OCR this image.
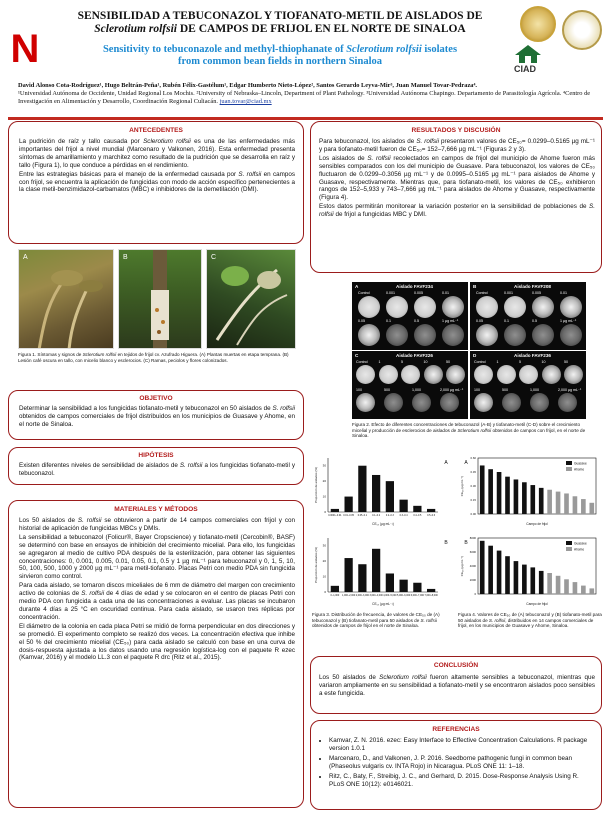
N
SENSIBILIDAD A TEBUCONAZOL Y TIOFANATO-METIL DE AISLADOS DE
Sclerotium rolfsii DE CAMPOS DE FRIJOL EN EL NORTE DE SINALOA
Sensitivity to tebuconazole and methyl-thiophanate of Sclerotium rolfsii isolates
from common bean fields in northern Sinaloa
CIAD
David Alonso Cota-Rodríguez¹, Hugo Beltrán-Peña¹, Rubén Félix-Gastélum¹, Edgar Humberto Nieto-López², Santos Gerardo Leyva-Mir³, Juan Manuel Tovar-Pedraza⁴.
¹Universidad Autónoma de Occidente, Unidad Regional Los Mochis. ²University of Nebraska–Lincoln, Department of Plant Pathology. ³Universidad Autónoma Chapingo. Departamento de Parasitología Agrícola. ⁴Centro de Investigación en Alimentación y Desarrollo, Coordinación Regional Culiacán. juan.tovar@ciad.mx
ANTECEDENTES

La pudrición de raíz y tallo causada por Sclerotium rolfsii es una de las enfermedades más importantes del frijol a nivel mundial (Marcenaro y Valkonen, 2016). Esta enfermedad presenta síntomas de amarillamiento y marchitez como resultado de la pudrición que se desarrolla en raíz y tallo (Figura 1), lo que conduce a pérdidas en el rendimiento.

Entre las estrategias básicas para el manejo de la enfermedad causada por S. rolfsii en campos con frijol, se encuentra la aplicación de fungicidas con modo de acción específico pertenecientes a la clase metil-benzimidazol-carbamatos (MBC) e inhibidores de la demetilación (DMI).

A	B	C
Figura 1. Síntomas y signos de Sclerotium rolfsii en tejidos de frijol cv. Azufrado Higuera. (A) Plantas muertas en etapa temprana. (B) Lesión café oscura en tallo, con micelio blanco y esclerocios. (C) Ramas, peciolos y flores colonizados.
OBJETIVO
Determinar la sensibilidad a los fungicidas tiofanato-metil y tebuconazol en 50 aislados de S. rolfsii obtenidos de campos comerciales de frijol distribuidos en los municipios de Guasave y Ahome, en el norte de Sinaloa.
HIPÓTESIS
Existen diferentes niveles de sensibilidad de aislados de S. rolfsii a los fungicidas tiofanato-metil y tebuconazol.
MATERIALES Y MÉTODOS

Los 50 aislados de S. rolfsii se obtuvieron a partir de 14 campos comerciales con frijol y con historial de aplicación de fungicidas MBCs y DMIs.

La sensibilidad a tebuconazol (Folicur®, Bayer Cropscience) y tiofanato-metil (Cercobin®, BASF) se determinó con base en ensayos de inhibición del crecimiento micelial. Para ello, los fungicidas se agregaron al medio de cultivo PDA después de la esterilización, para obtener las siguientes concentraciones: 0, 0.001, 0.005, 0.01, 0.05, 0.1, 0.5 y 1 µg mL⁻¹ para tebuconazol y 0, 1, 5, 10, 50, 100, 500, 1000 y 2000 µg mL⁻¹ para metil-tiofanato. Placas Petri con medio PDA sin fungicida sirvieron como control.

Para cada aislado, se tomaron discos miceliales de 6 mm de diámetro del margen con crecimiento activo de colonias de S. rolfsii de 4 días de edad y se colocaron en el centro de placas Petri con medio PDA con fungicida a cada una de las concentraciones a evaluar. Las placas se incubaron durante 4 días a 25 °C en oscuridad continua. Para cada aislado, se usaron tres réplicas por concentración.

El diámetro de la colonia en cada placa Petri se midió de forma perpendicular en dos direcciones y se promedió. El experimento completo se realizó dos veces. La concentración efectiva que inhibe el 50 % del crecimiento micelial (CE₅₀) para cada aislado se calculó con base en una curva de dosis-respuesta ajustada a los datos usando una regresión logística-log con el paquete R ezec (Kamvar, 2016) y el modelo LL.3 con el paquete R drc (Ritz et al., 2015).

RESULTADOS Y DISCUSIÓN

Para tebuconazol, los aislados de S. rolfsii presentaron valores de CE₅₀= 0.0299–0.5165 µg mL⁻¹ y para tiofanato-metil fueron de CE₅₀= 152–7,666 µg mL⁻¹ (Figuras 2 y 3).

Los aislados de S. rolfsii recolectados en campos de frijol del municipio de Ahome fueron más sensibles comparados con los del municipio de Guasave. Para tebuconazol, los valores de CE₅₀ fluctuaron de 0.0299–0.3056 µg mL⁻¹ y de 0.0995–0.5165 µg mL⁻¹ para aislados de Ahome y Guasave, respectivamente. Mientras que, para tiofanato-metil, los valores de CE₅₀ exhibieron rangos de 152–5,933 y 743–7,666 µg mL⁻¹ para aislados de Ahome y Guasave, respectivamente (Figura 4).

Estos datos permitirán monitorear la variación posterior en la sensibilidad de poblaciones de S. rolfsii de frijol a fungicidas MBC y DMI.

A	Aislado FAVF234
Control	0.001	0.005	0.01
0.05	0.1	0.5	1 µg mL⁻¹
B	Aislado FAVF208
Control	0.001	0.005	0.01
0.05	0.1	0.5	1 µg mL⁻¹
C	Aislado FAVF226
Control	1	5	10	50
100	500	1,000	2,000 µg mL⁻¹
D	Aislado FAVF236
Control	1	5	10	50
100	500	1,000	2,000 µg mL⁻¹
Figura 2. Efecto de diferentes concentraciones de tebuconazol (A-B) y tiofanato-metil (C-D) sobre el crecimiento micelial y producción de esclerocios de aislados de Sclerotium rolfsii obtenidos de campos con frijol, en el norte de Sinaloa.
0.0001–0.01 0.01–0.05 0.05–0.1 0.1–0.2 0.2–0.3 0.3–0.4 0.4–0.5 0.5–0.6
0
10
20
30
CE₅₀ (µg mL⁻¹)
Proporción de aislados (%)
A
0–1,000 1,000–2,000 2,000–3,000 3,000–4,000 4,000–5,000 5,000–6,000 6,000–7,000 7,000–8,000
0
10
20
30
CE₅₀ (µg mL⁻¹)
Proporción de aislados (%)
B
0.00
0.15
0.30
0.45
0.60
Campo de frijol
CE₅₀ (µg mL⁻¹)
Guasave
Ahome
A
0
2000
4000
6000
8000
Campo de frijol
CE₅₀ (µg mL⁻¹)
Guasave
Ahome
B
Figura 3. Distribución de frecuencia, de valores de CE₅₀ de (A) tebuconazol y (B) tiofanato-metil para 50 aislados de S. rolfsii obtenidos de campos de frijol en el norte de Sinaloa.
Figura 4. Valores de CE₅₀ de (A) tebuconazol y (B) tiofanato-metil para 50 aislados de S. rolfsii, distribuidos en 14 campos comerciales de frijol, en los municipios de Guasave y Ahome, Sinaloa.
CONCLUSIÓN
Los 50 aislados de Sclerotium rolfsii fueron altamente sensibles a tebuconazol, mientras que variaron ampliamente en su sensibilidad a tiofanato-metil y se encontraron aislados poco sensibles a este fungicida.
REFERENCIAS
• Kamvar, Z. N. 2016. ezec: Easy Interface to Effective Concentration Calculations. R package version 1.0.1
• Marcenaro, D., and Valkonen, J. P. 2016. Seedborne pathogenic fungi in common bean (Phaseolus vulgaris cv. INTA Rojo) in Nicaragua. PLoS ONE 11: 1–18.
• Ritz, C., Baty, F., Streibig, J. C., and Gerhard, D. 2015. Dose-Response Analysis Using R. PLoS ONE 10(12): e0146021.
